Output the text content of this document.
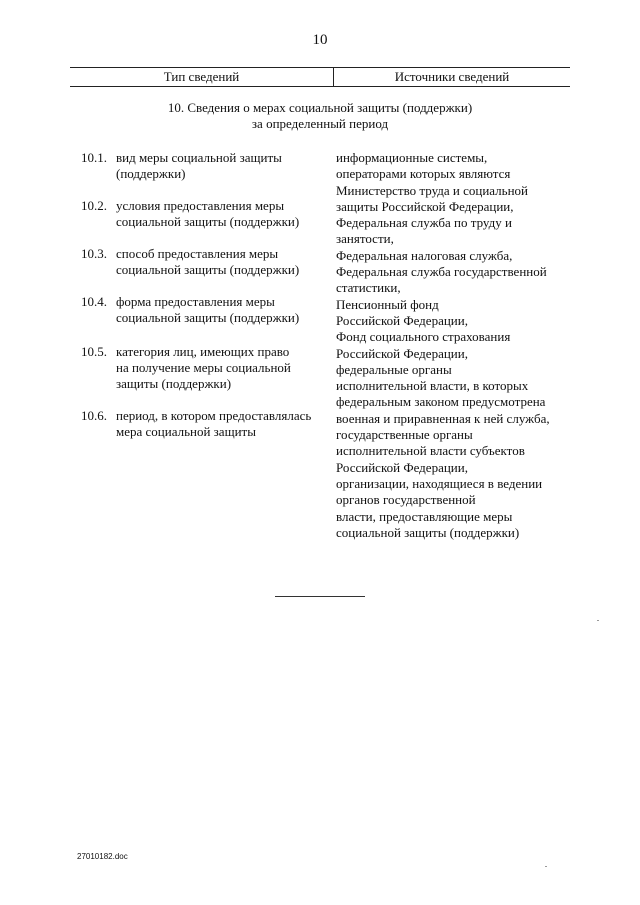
10
Тип сведений	Источники сведений
10. Сведения о мерах социальной защиты (поддержки)
за определенный период
10.1. вид меры социальной защиты
(поддержки)
10.2. условия предоставления меры
социальной защиты (поддержки)
10.3. способ предоставления меры
социальной защиты (поддержки)
10.4. форма предоставления меры
социальной защиты (поддержки)
10.5. категория лиц, имеющих право
на получение меры социальной
защиты (поддержки)
10.6. период, в котором предоставлялась
мера социальной защиты
информационные системы,
операторами которых являются
Министерство труда и социальной
защиты Российской Федерации,
Федеральная служба по труду и
занятости,
Федеральная налоговая служба,
Федеральная служба государственной
статистики,
Пенсионный фонд
Российской Федерации,
Фонд социального страхования
Российской Федерации,
федеральные органы
исполнительной власти, в которых
федеральным законом предусмотрена
военная и приравненная к ней служба,
государственные органы
исполнительной власти субъектов
Российской Федерации,
организации, находящиеся в ведении
органов государственной
власти, предоставляющие меры
социальной защиты (поддержки)
27010182.doc
